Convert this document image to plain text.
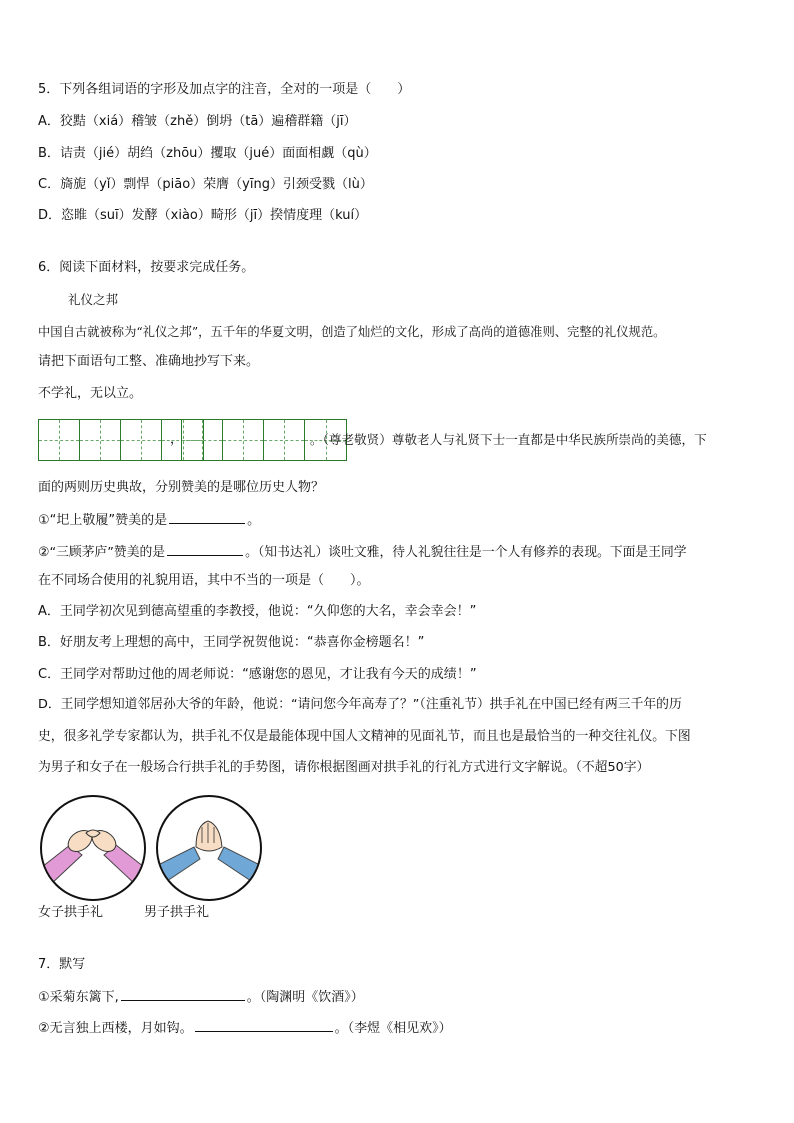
5．下列各组词语的字形及加点字的注音，全对的一项是（　　）
A．狡黠（xiá）稽皱（zhě）倒坍（tā）遍稽群籍（jī）
B．诘责（jié）胡绉（zhōu）攫取（jué）面面相觑（qù）
C．旖旎（yǐ）剽悍（piāo）荣膺（yīng）引颈受戮（lù）
D．恣睢（suī）发酵（xiào）畸形（jī）揆情度理（kuí）
6．阅读下面材料，按要求完成任务。
礼仪之邦
中国自古就被称为“礼仪之邦”，五千年的华夏文明，创造了灿烂的文化，形成了高尚的道德准则、完整的礼仪规范。
请把下面语句工整、准确地抄写下来。
不学礼，无以立。
，	。（尊老敬贤）尊敬老人与礼贤下士一直都是中华民族所崇尚的美德，下
面的两则历史典故，分别赞美的是哪位历史人物？
①“圯上敬履”赞美的是	。
②“三顾茅庐”赞美的是	。（知书达礼）谈吐文雅，待人礼貌往往是一个人有修养的表现。下面是王同学
在不同场合使用的礼貌用语，其中不当的一项是（　　）。
A．王同学初次见到德高望重的李教授，他说：“久仰您的大名，幸会幸会！”
B．好朋友考上理想的高中，王同学祝贺他说：“恭喜你金榜题名！”
C．王同学对帮助过他的周老师说：“感谢您的恩见，才让我有今天的成绩！”
D．王同学想知道邻居孙大爷的年龄，他说：“请问您今年高寿了？”（注重礼节）拱手礼在中国已经有两三千年的历
史，很多礼学专家都认为，拱手礼不仅是最能体现中国人文精神的见面礼节，而且也是最恰当的一种交往礼仪。下图
为男子和女子在一般场合行拱手礼的手势图，请你根据图画对拱手礼的行礼方式进行文字解说。（不超50字）
女子拱手礼	男子拱手礼
7．默写
①采菊东篱下,	。（陶渊明《饮酒》）
②无言独上西楼，月如钩。	。（李煜《相见欢》）
